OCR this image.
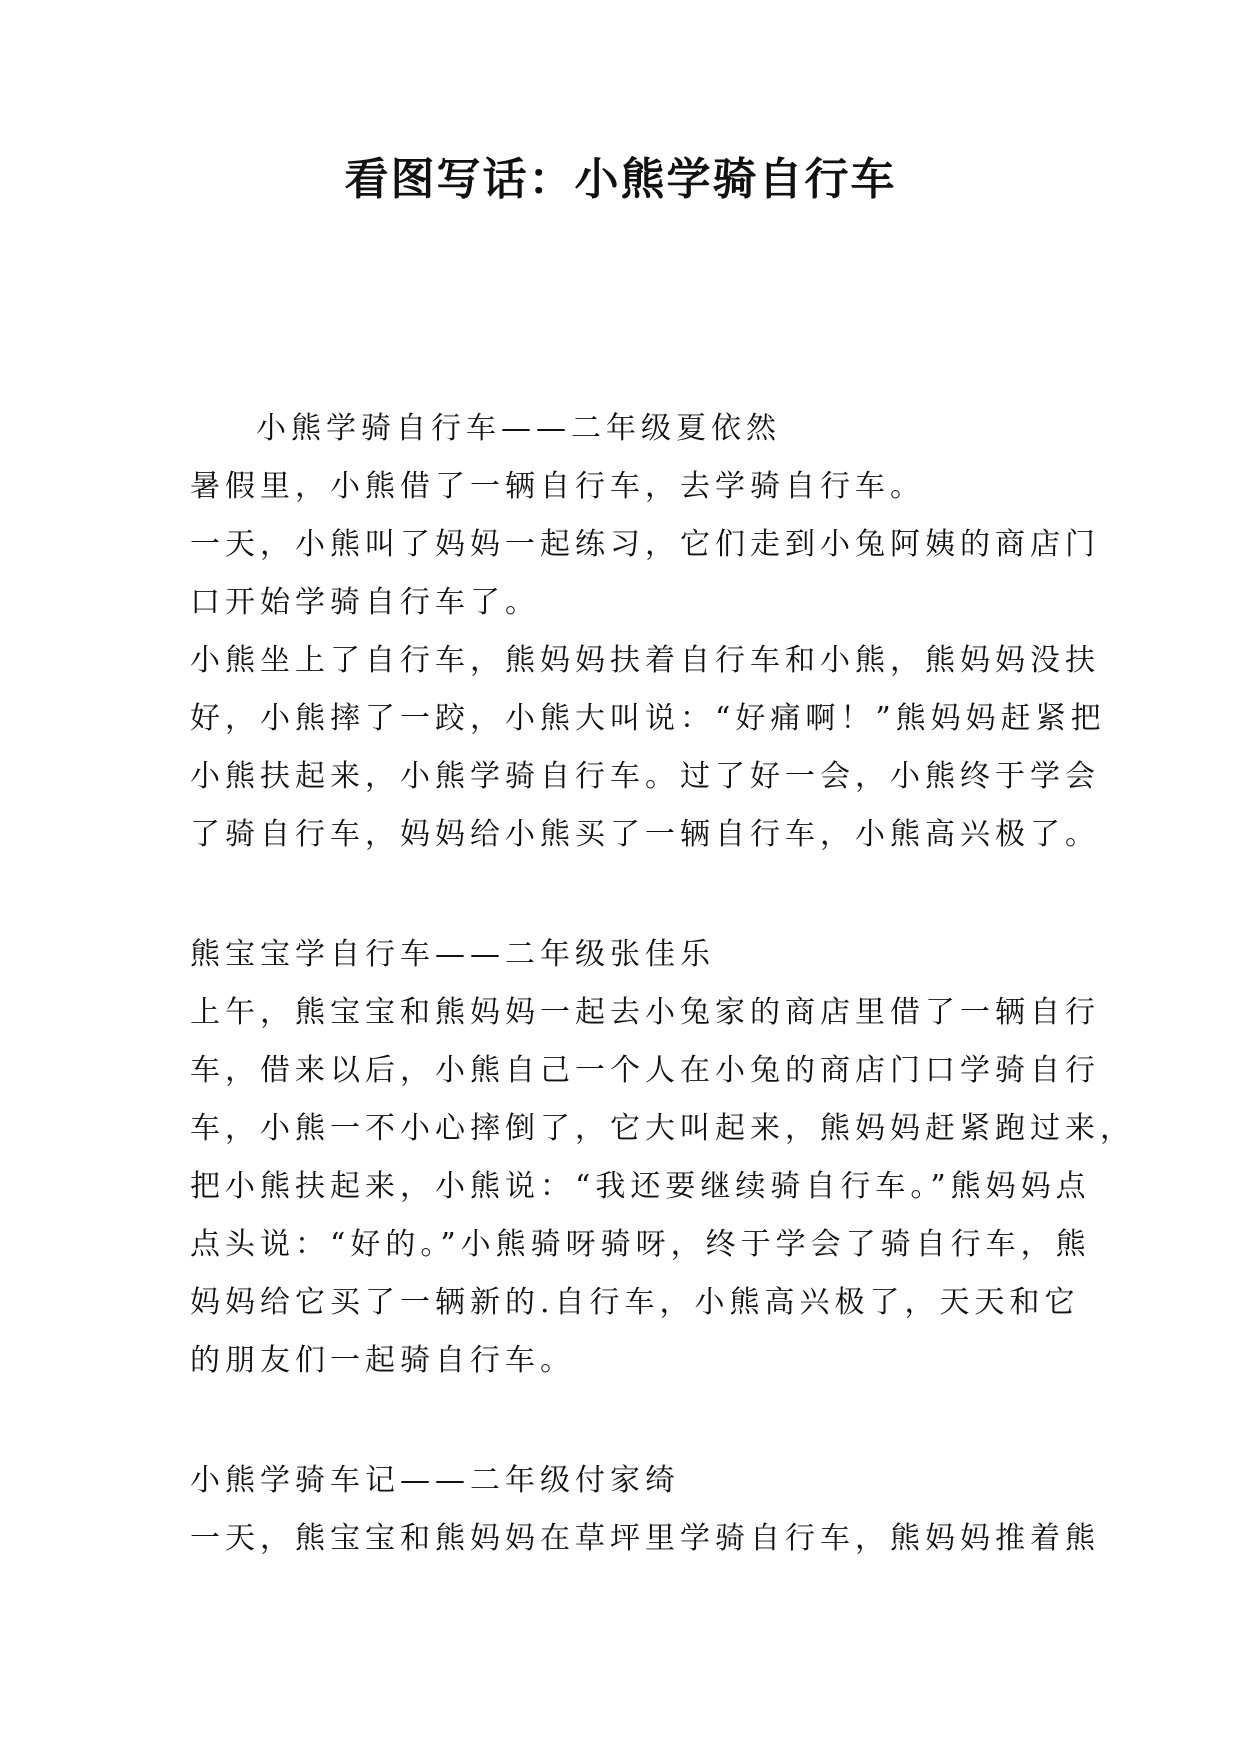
看图写话：小熊学骑自行车
小熊学骑自行车——二年级夏依然
暑假里，小熊借了一辆自行车，去学骑自行车。
一天，小熊叫了妈妈一起练习，它们走到小兔阿姨的商店门
口开始学骑自行车了。
小熊坐上了自行车，熊妈妈扶着自行车和小熊，熊妈妈没扶
好，小熊摔了一跤，小熊大叫说：“好痛啊！”熊妈妈赶紧把
小熊扶起来，小熊学骑自行车。过了好一会，小熊终于学会
了骑自行车，妈妈给小熊买了一辆自行车，小熊高兴极了。
熊宝宝学自行车——二年级张佳乐
上午，熊宝宝和熊妈妈一起去小兔家的商店里借了一辆自行
车，借来以后，小熊自己一个人在小兔的商店门口学骑自行
车，小熊一不小心摔倒了，它大叫起来，熊妈妈赶紧跑过来，
把小熊扶起来，小熊说：“我还要继续骑自行车。”熊妈妈点
点头说：“好的。”小熊骑呀骑呀，终于学会了骑自行车，熊
妈妈给它买了一辆新的.自行车，小熊高兴极了，天天和它
的朋友们一起骑自行车。
小熊学骑车记——二年级付家绮
一天，熊宝宝和熊妈妈在草坪里学骑自行车，熊妈妈推着熊
